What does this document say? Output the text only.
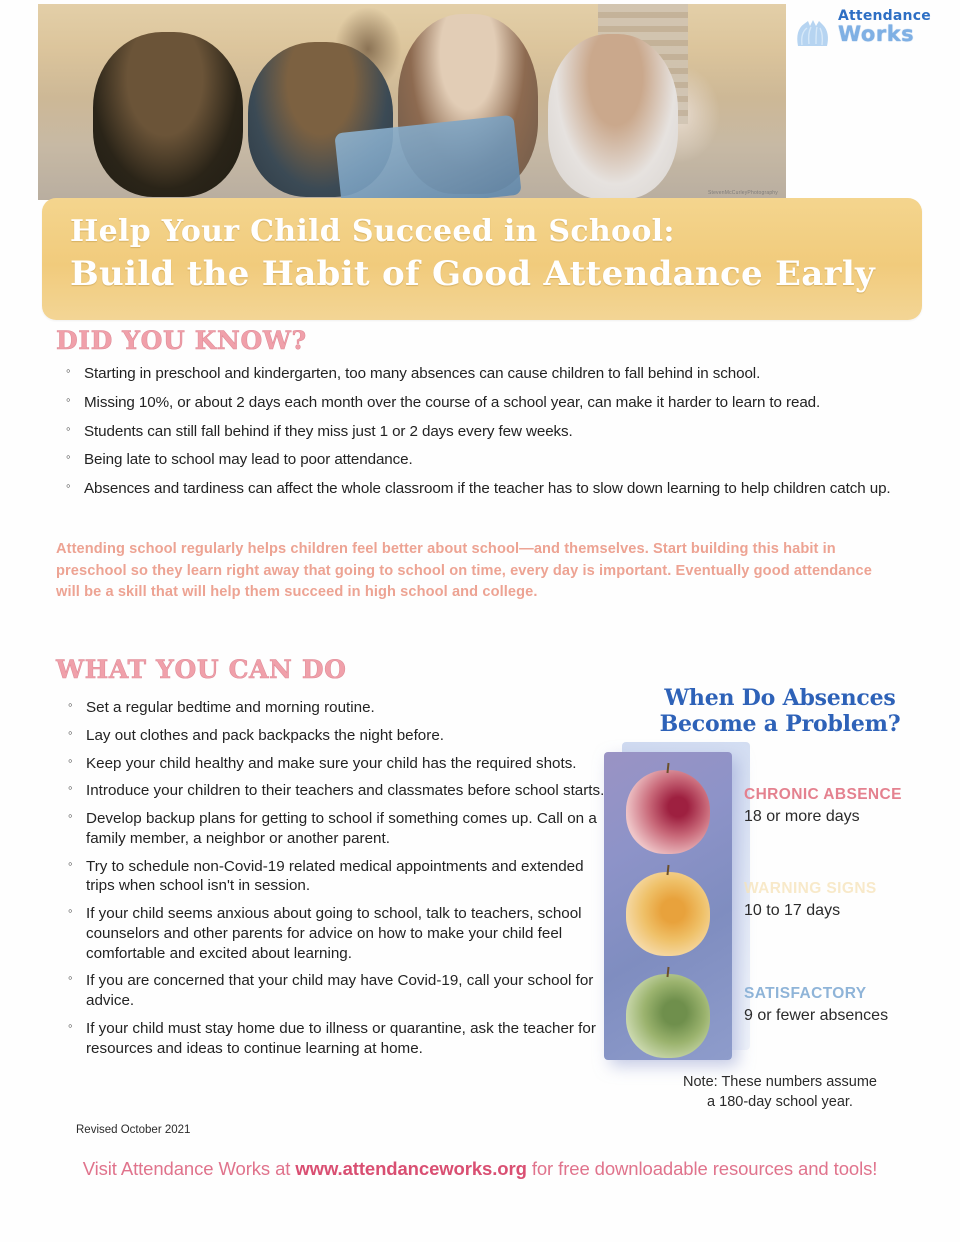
StevenMcCurleyPhotography
Attendance
Works
Help Your Child Succeed in School:
Build the Habit of Good Attendance Early
DID YOU KNOW?
◦ Starting in preschool and kindergarten, too many absences can cause children to fall behind in school.
◦ Missing 10%, or about 2 days each month over the course of a school year, can make it harder to learn to read.
◦ Students can still fall behind if they miss just 1 or 2 days every few weeks.
◦ Being late to school may lead to poor attendance.
◦ Absences and tardiness can affect the whole classroom if the teacher has to slow down learning to help children catch up.
Attending school regularly helps children feel better about school—and themselves. Start building this habit in preschool so they learn right away that going to school on time, every day is important. Eventually good attendance will be a skill that will help them succeed in high school and college.
WHAT YOU CAN DO
◦ Set a regular bedtime and morning routine.
◦ Lay out clothes and pack backpacks the night before.
◦ Keep your child healthy and make sure your child has the required shots.
◦ Introduce your children to their teachers and classmates before school starts.
◦ Develop backup plans for getting to school if something comes up. Call on a family member, a neighbor or another parent.
◦ Try to schedule non-Covid-19 related medical appointments and extended trips when school isn't in session.
◦ If your child seems anxious about going to school, talk to teachers, school counselors and other parents for advice on how to make your child feel comfortable and excited about learning.
◦ If you are concerned that your child may have Covid-19, call your school for advice.
◦ If your child must stay home due to illness or quarantine, ask the teacher for resources and ideas to continue learning at home.
Revised October 2021
When Do Absences
Become a Problem?
CHRONIC ABSENCE
18 or more days
WARNING SIGNS
10 to 17 days
SATISFACTORY
9 or fewer absences
Note: These numbers assume
a 180-day school year.
Visit Attendance Works at www.attendanceworks.org for free downloadable resources and tools!
